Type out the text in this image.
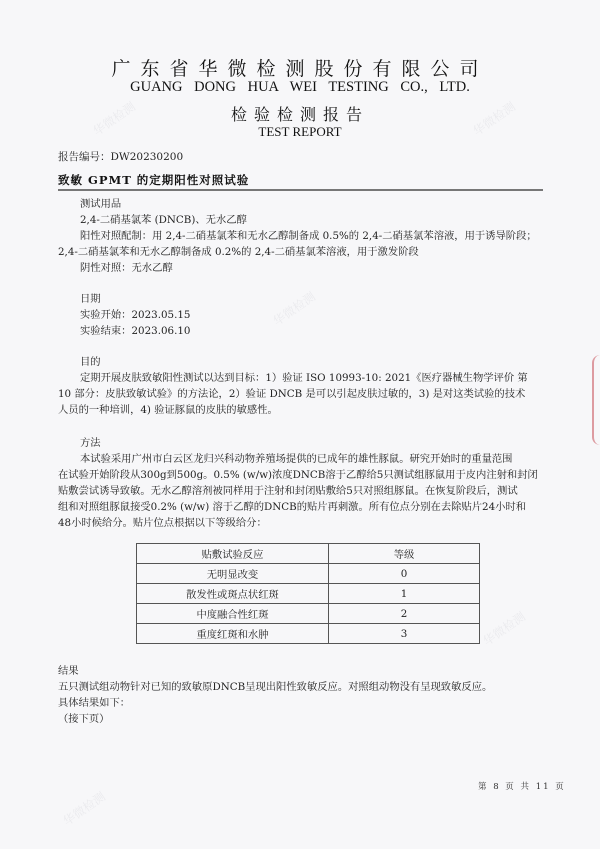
华微检测	华微检测
华微检测
华微检测
华微检测
广东省华微检测股份有限公司
GUANG DONG HUA WEI TESTING CO., LTD.
检验检测报告
TEST REPORT
报告编号：DW20230200
致敏 GPMT 的定期阳性对照试验
测试用品
2,4-二硝基氯苯 (DNCB)、无水乙醇
阳性对照配制：用 2,4-二硝基氯苯和无水乙醇制备成 0.5%的 2,4-二硝基氯苯溶液，用于诱导阶段；
2,4-二硝基氯苯和无水乙醇制备成 0.2%的 2,4-二硝基氯苯溶液，用于激发阶段
阴性对照：无水乙醇
日期
实验开始：2023.05.15
实验结束：2023.06.10
目的
定期开展皮肤致敏阳性测试以达到目标：1）验证 ISO 10993-10: 2021《医疗器械生物学评价 第
10 部分：皮肤致敏试验》的方法论，2）验证 DNCB 是可以引起皮肤过敏的，3) 是对这类试验的技术
人员的一种培训，4) 验证豚鼠的皮肤的敏感性。
方法
本试验采用广州市白云区龙归兴科动物养殖场提供的已成年的雄性豚鼠。研究开始时的重量范围
在试验开始阶段从300g到500g。0.5% (w/w)浓度DNCB溶于乙醇给5只测试组豚鼠用于皮内注射和封闭
贴敷尝试诱导致敏。无水乙醇溶剂被同样用于注射和封闭贴敷给5只对照组豚鼠。在恢复阶段后，测试
组和对照组豚鼠接受0.2% (w/w) 溶于乙醇的DNCB的贴片再刺激。所有位点分别在去除贴片24小时和
48小时候给分。贴片位点根据以下等级给分：
贴敷试验反应	等级
无明显改变	0
散发性或斑点状红斑	1
中度融合性红斑	2
重度红斑和水肿	3
结果
五只测试组动物针对已知的致敏原DNCB呈现出阳性致敏反应。对照组动物没有呈现致敏反应。
具体结果如下：
（接下页）
第 8 页 共 11 页
